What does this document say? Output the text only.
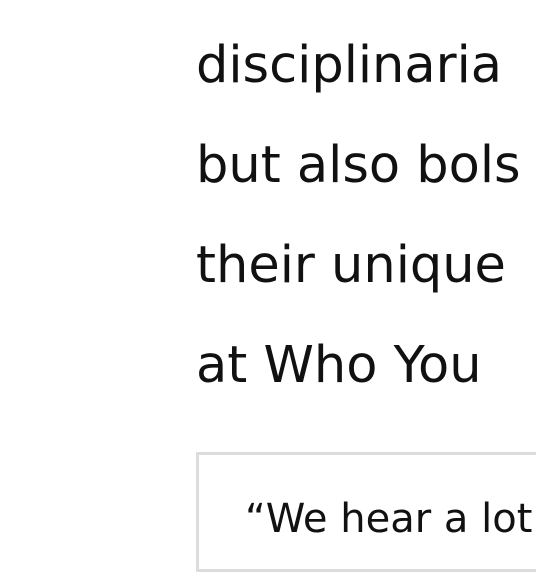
disciplinaria

but also bols

their unique

at Who You

“We hear a lot
